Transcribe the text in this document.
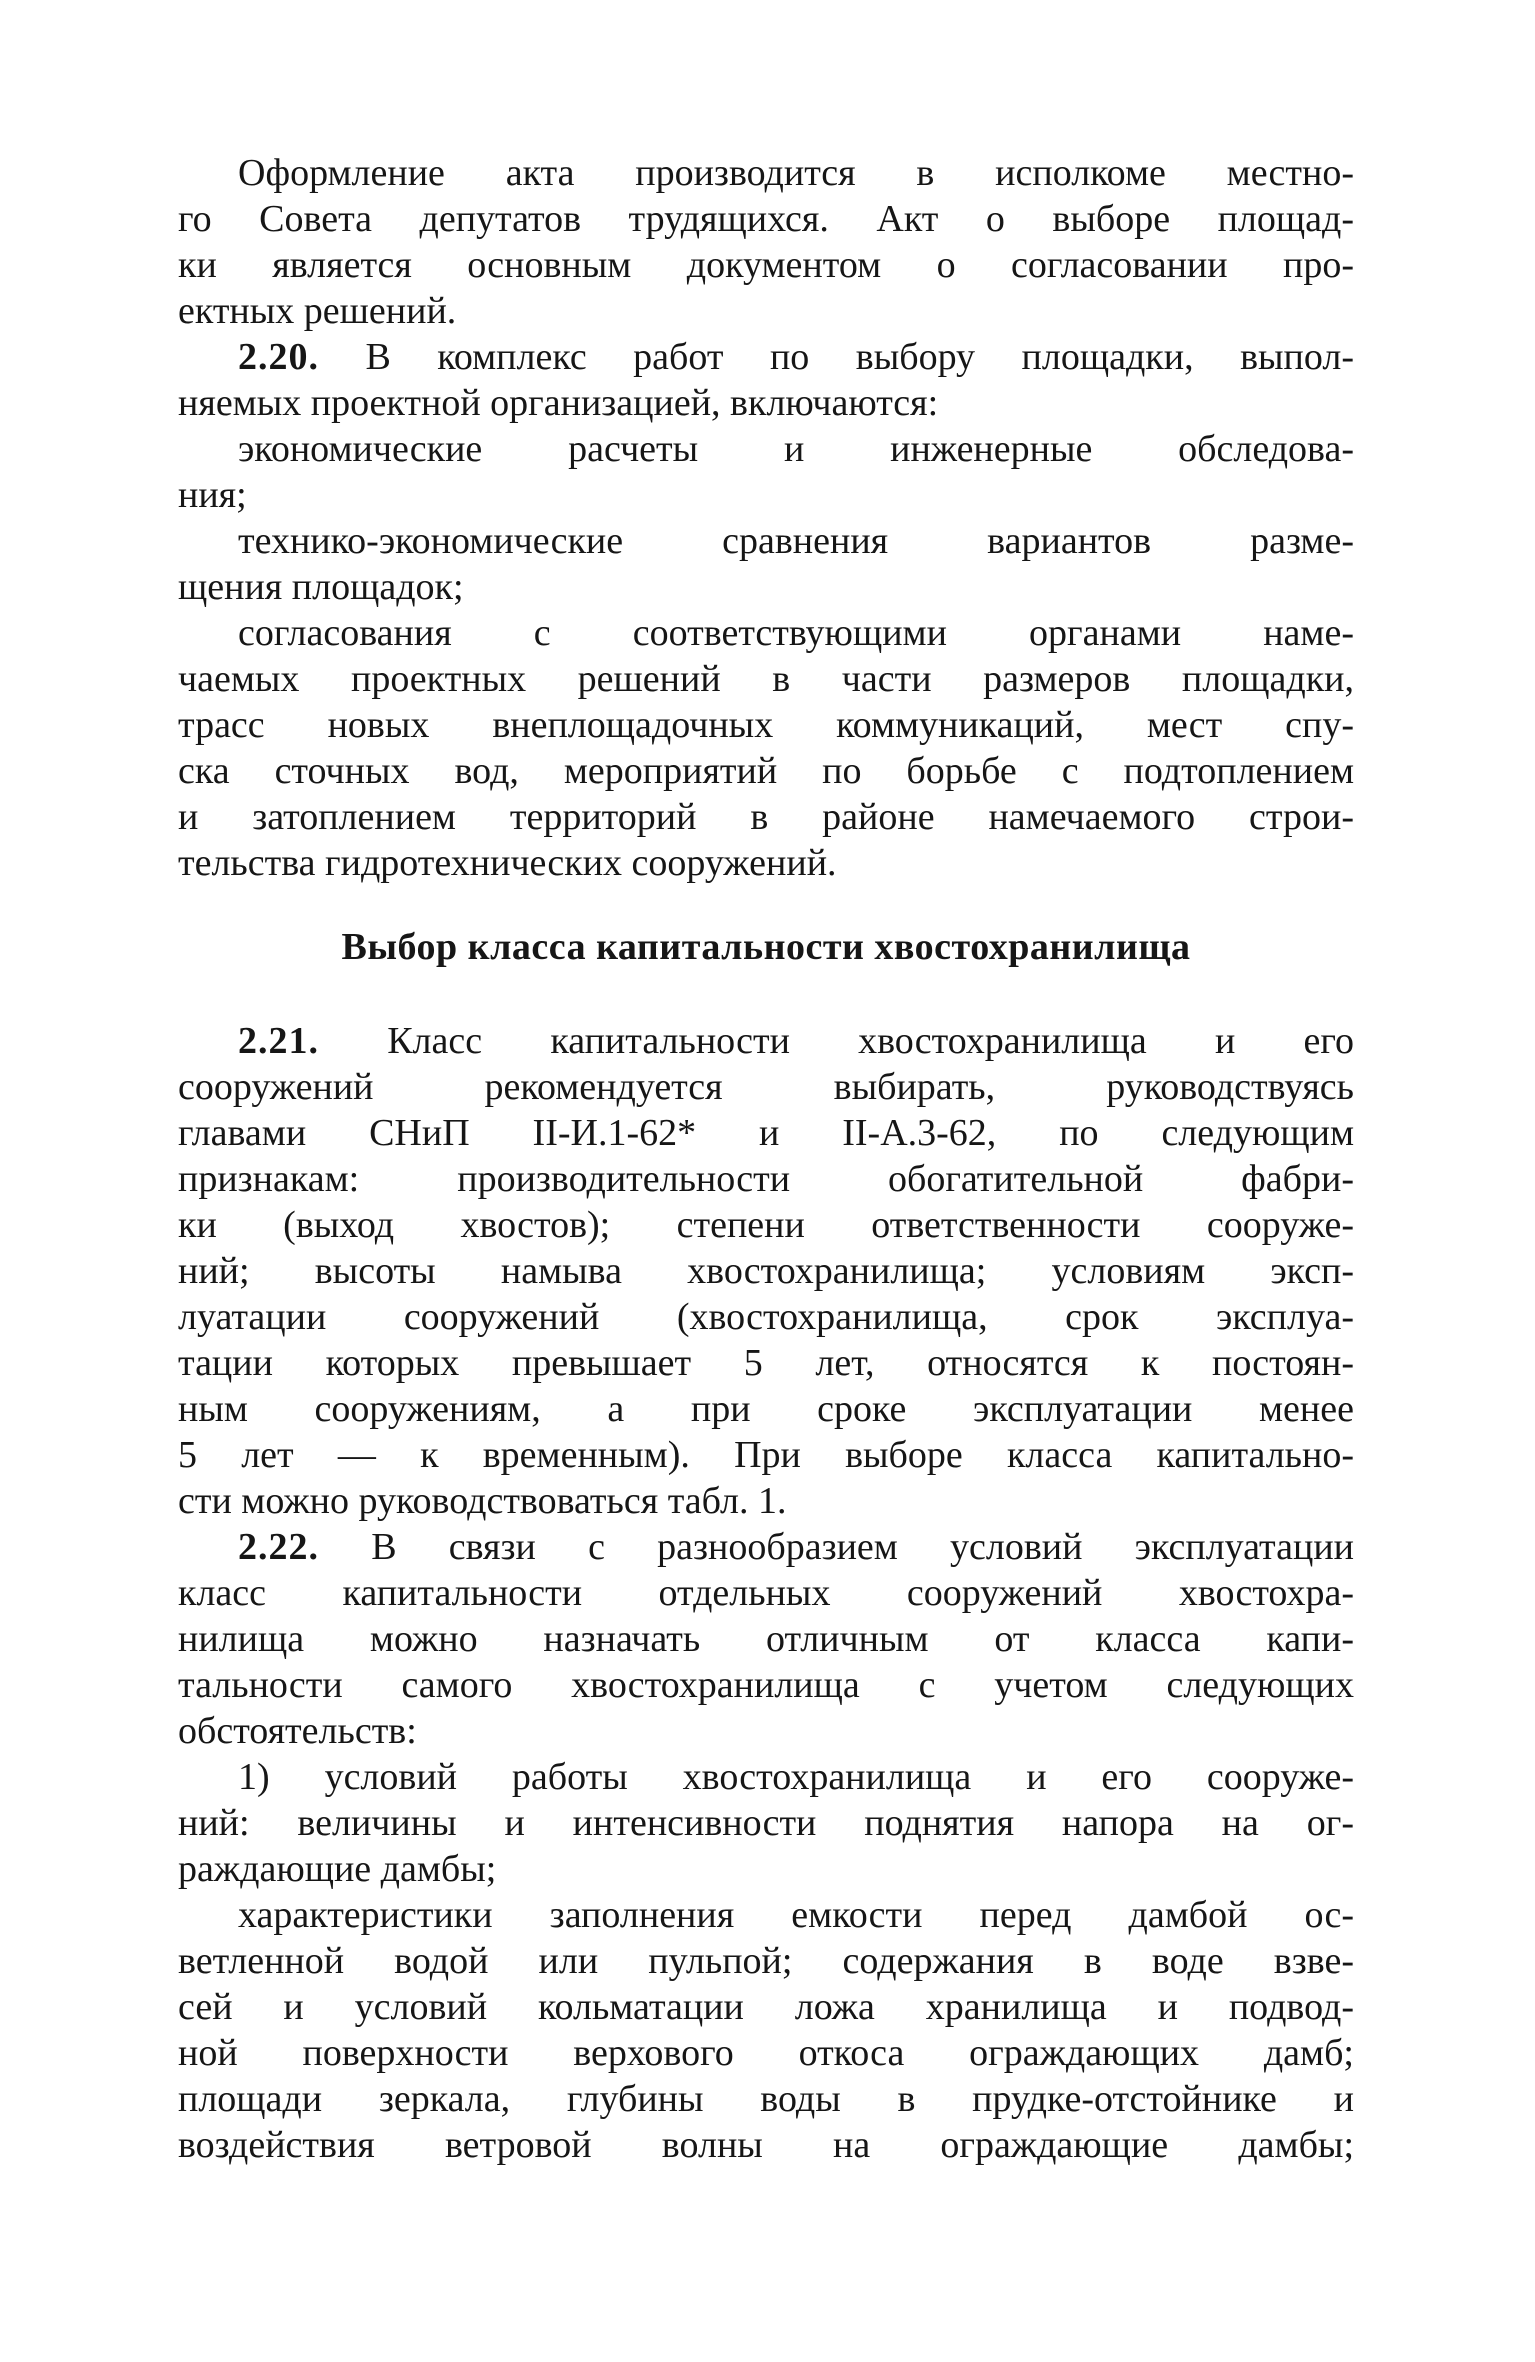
Оформление акта производится в исполкоме местно-
го Совета депутатов трудящихся. Акт о выборе площад-
ки является основным документом о согласовании про-
ектных решений.
2.20. В комплекс работ по выбору площадки, выпол-
няемых проектной организацией, включаются:
экономические расчеты и инженерные обследова-
ния;
технико-экономические сравнения вариантов разме-
щения площадок;
согласования с соответствующими органами наме-
чаемых проектных решений в части размеров площадки,
трасс новых внеплощадочных коммуникаций, мест спу-
ска сточных вод, мероприятий по борьбе с подтоплением
и затоплением территорий в районе намечаемого строи-
тельства гидротехнических сооружений.
Выбор класса капитальности хвостохранилища
2.21. Класс капитальности хвостохранилища и его
сооружений рекомендуется выбирать, руководствуясь
главами СНиП II-И.1-62* и II-А.3-62, по следующим
признакам: производительности обогатительной фабри-
ки (выход хвостов); степени ответственности сооруже-
ний; высоты намыва хвостохранилища; условиям эксп-
луатации сооружений (хвостохранилища, срок эксплуа-
тации которых превышает 5 лет, относятся к постоян-
ным сооружениям, а при сроке эксплуатации менее
5 лет — к временным). При выборе класса капитально-
сти можно руководствоваться табл. 1.
2.22. В связи с разнообразием условий эксплуатации
класс капитальности отдельных сооружений хвостохра-
нилища можно назначать отличным от класса капи-
тальности самого хвостохранилища с учетом следующих
обстоятельств:
1) условий работы хвостохранилища и его сооруже-
ний: величины и интенсивности поднятия напора на ог-
раждающие дамбы;
характеристики заполнения емкости перед дамбой ос-
ветленной водой или пульпой; содержания в воде взве-
сей и условий кольматации ложа хранилища и подвод-
ной поверхности верхового откоса ограждающих дамб;
площади зеркала, глубины воды в прудке-отстойнике и
воздействия ветровой волны на ограждающие дамбы;
